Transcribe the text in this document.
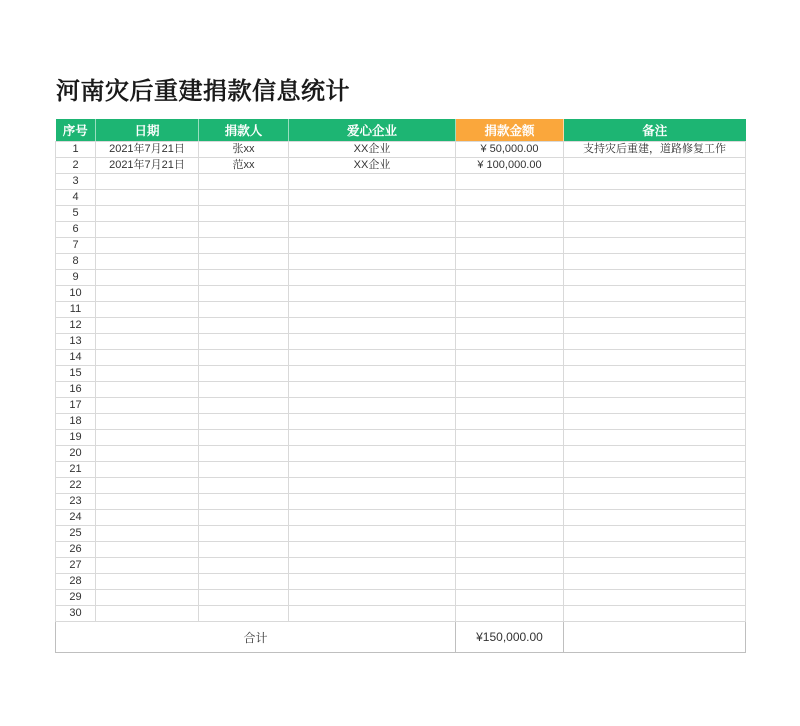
河南灾后重建捐款信息统计
序号	日期	捐款人	爱心企业	捐款金额	备注
1	2021年7月21日	张xx	XX企业	¥ 50,000.00	支持灾后重建，道路修复工作
2	2021年7月21日	范xx	XX企业	¥ 100,000.00	
3					
4					
5					
6					
7					
8					
9					
10					
11					
12					
13					
14					
15					
16					
17					
18					
19					
20					
21					
22					
23					
24					
25					
26					
27					
28					
29					
30					
合计				¥150,000.00	
